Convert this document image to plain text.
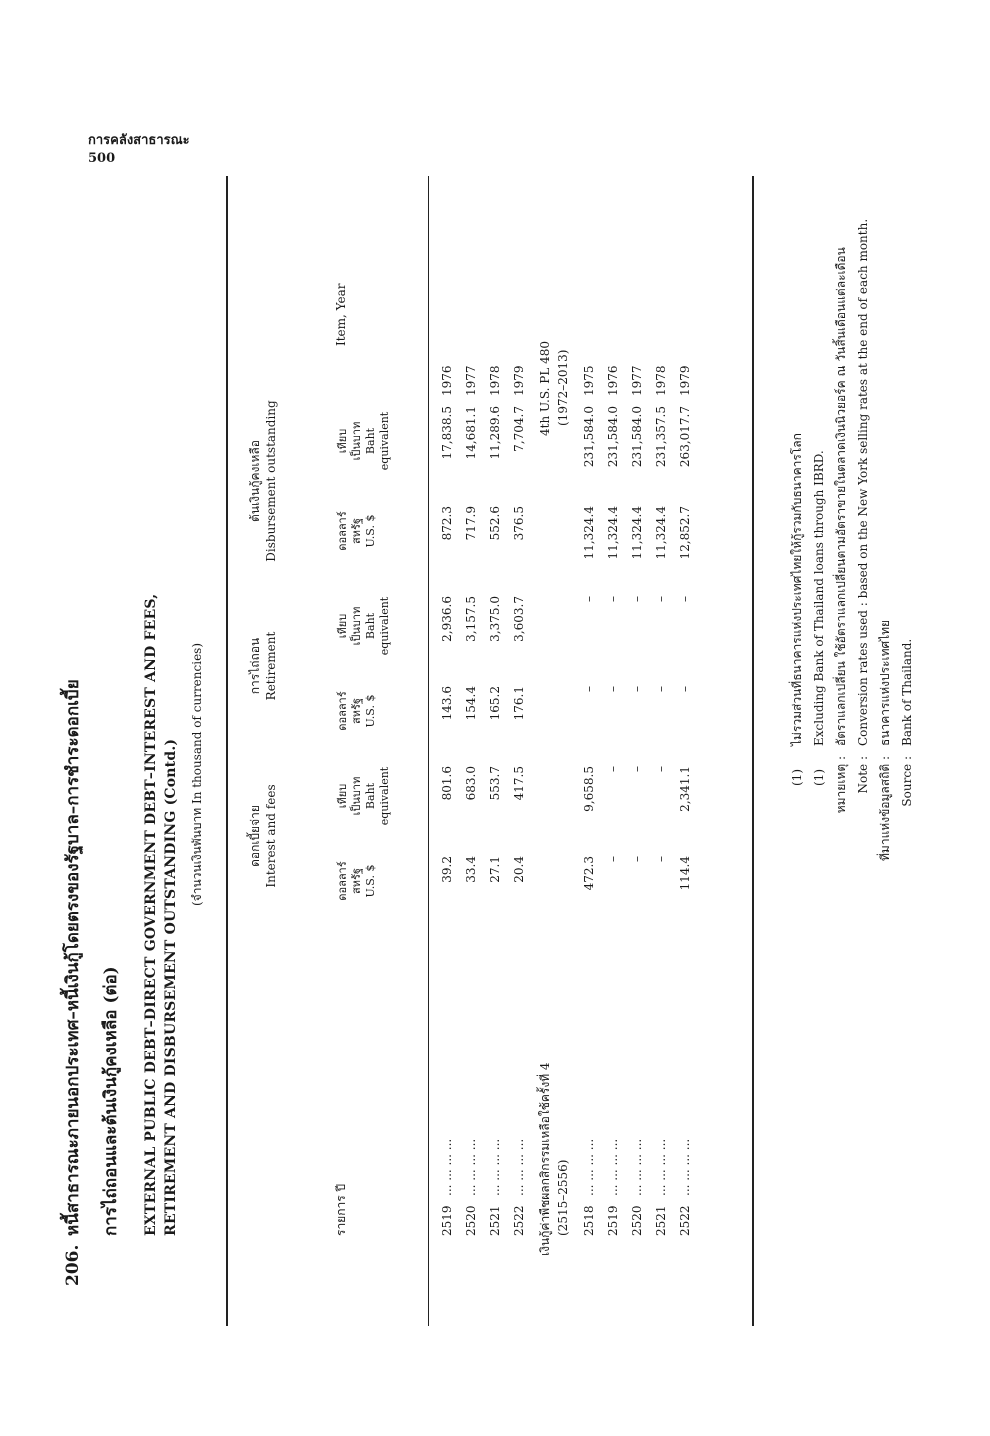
การคลังสาธารณะ
500
206.
หนี้สาธารณะภายนอกประเทศ–หนี้เงินกู้โดยตรงของรัฐบาล–การชำระดอกเบี้ย การไถ่ถอนและต้นเงินกู้คงเหลือ (ต่อ) EXTERNAL PUBLIC DEBT–DIRECT GOVERNMENT DEBT–INTEREST AND FEES, RETIREMENT AND DISBURSEMENT OUTSTANDING (Contd.) (จำนวนเงินพันบาท In thousand of currencies)
รายการ ปี
Item, Year
ดอกเบี้ยจ่าย Interest and fees	ดอลลาร์ สหรัฐ U.S. $
เทียบ เป็นบาท Baht equivalent
การไถ่ถอน Retirement
ดอลลาร์ สหรัฐ U.S. $
เทียบ เป็นบาท Baht equivalent
ต้นเงินกู้คงเหลือ Disbursement outstanding	ดอลลาร์ สหรัฐ U.S. $
เทียบ เป็นบาท Baht equivalent
2519
... ... ... ...
39.2
801.6
143.6
2,936.6
872.3
17,838.5
1976
2520
... ... ... ...
33.4
683.0
154.4
3,157.5
717.9
14,681.1
1977
2521
... ... ... ...
27.1
553.7
165.2
3,375.0
552.6
11,289.6
1978
2522
... ... ... ...
20.4
417.5
176.1
3,603.7
376.5
7,704.7
1979
เงินกู้ค่าพืชผลกสิกรรมเหลือใช้ครั้งที่ 4 (2515–2556)
4th U.S. PL 480 (1972–2013)
2518
... ... ... ...
472.3
9,658.5
–
–
11,324.4
231,584.0
1975
2519
... ... ... ...
–
–
–
–
11,324.4
231,584.0
1976
2520
... ... ... ...
–
–
–
–
11,324.4
231,584.0
1977
2521
... ... ... ...
–
–
–
–
11,324.4
231,357.5
1978
2522
... ... ... ...
114.4
2,341.1
–
–
12,852.7
263,017.7
1979
(1)
ไม่รวมส่วนที่ธนาคารแห่งประเทศไทยให้กู้รวมกับธนาคารโลก
(1)
Excluding Bank of Thailand loans through IBRD.
หมายเหตุ :
อัตราแลกเปลี่ยน ใช้อัตราแลกเปลี่ยนตามอัตราขายในตลาดเงินนิวยอร์ค ณ วันสิ้นเดือนแต่ละเดือน
Note :
Conversion rates used : based on the New York selling rates at the end of each month.
ที่มาแห่งข้อมูลสถิติ :
ธนาคารแห่งประเทศไทย
Source :
Bank of Thailand.
